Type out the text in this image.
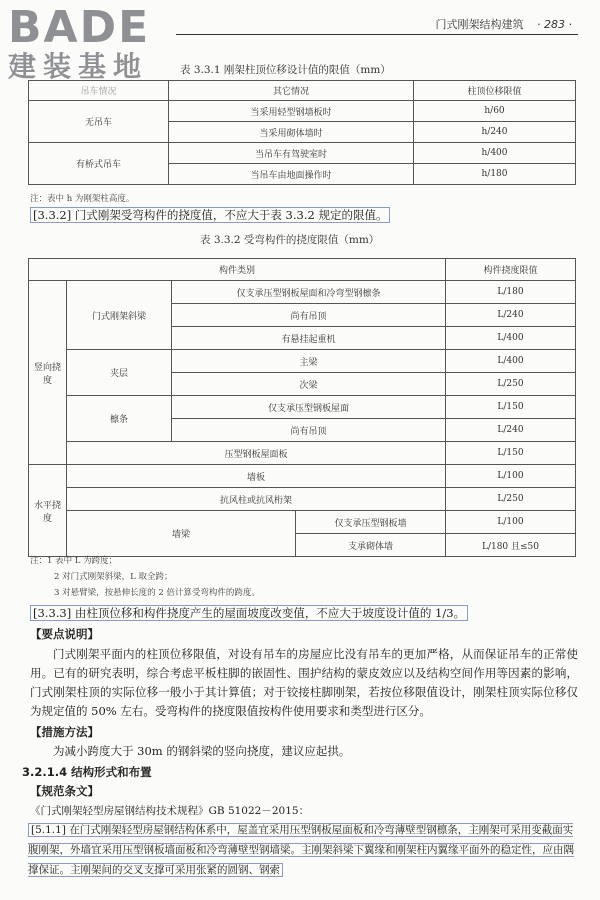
BADE
建装基地
门式刚架结构建筑 · 283 ·
表 3.3.1 刚架柱顶位移设计值的限值（mm）
吊车情况	其它情况	柱顶位移限值
无吊车	当采用轻型钢墙板时	h/60
	当采用砌体墙时	h/240
有桥式吊车	当吊车有驾驶室时	h/400
	当吊车由地面操作时	h/180
注：表中 h 为刚架柱高度。
[3.3.2] 门式刚架受弯构件的挠度值，不应大于表 3.3.2 规定的限值。
表 3.3.2 受弯构件的挠度限值（mm）
构件类别				构件挠度限值
竖向挠度	门式刚架斜梁	仅支承压型钢板屋面和冷弯型钢檩条		L/180
		尚有吊顶		L/240
		有悬挂起重机		L/400
	夹层	主梁		L/400
		次梁		L/250
	檩条	仅支承压型钢板屋面		L/150
		尚有吊顶		L/240
	压型钢板屋面板			L/150
水平挠度	墙板			L/100
	抗风柱或抗风桁架			L/250
	墙梁		仅支承压型钢板墙	L/100
			支承砌体墙	L/180 且≤50
注：1 表中 L 为跨度；
2 对门式刚架斜梁，L 取全跨；
3 对悬臂梁，按悬伸长度的 2 倍计算受弯构件的跨度。
[3.3.3] 由柱顶位移和构件挠度产生的屋面坡度改变值，不应大于坡度设计值的 1/3。
【要点说明】
门式刚架平面内的柱顶位移限值，对设有吊车的房屋应比没有吊车的更加严格，从而保证吊车的正常使用。已有的研究表明，综合考虑平板柱脚的嵌固性、围护结构的蒙皮效应以及结构空间作用等因素的影响，门式刚架柱顶的实际位移一般小于其计算值；对于铰接柱脚刚架，若按位移限值设计，刚架柱顶实际位移仅为规定值的 50% 左右。受弯构件的挠度限值按构件使用要求和类型进行区分。
【措施方法】
为减小跨度大于 30m 的钢斜梁的竖向挠度，建议应起拱。
3.2.1.4 结构形式和布置
【规范条文】
《门式刚架轻型房屋钢结构技术规程》GB 51022－2015：
[5.1.1] 在门式刚架轻型房屋钢结构体系中，屋盖宜采用压型钢板屋面板和冷弯薄壁型钢檩条，主刚架可采用变截面实腹刚架，外墙宜采用压型钢板墙面板和冷弯薄壁型钢墙梁。主刚架斜梁下翼缘和刚架柱内翼缘平面外的稳定性，应由隅撑保证。主刚架间的交叉支撑可采用张紧的圆钢、钢索
